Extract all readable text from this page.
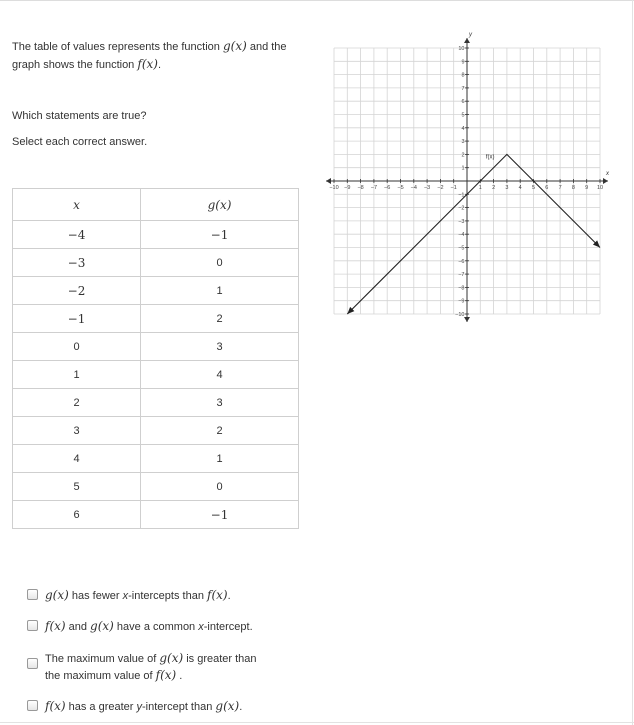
The table of values represents the function g(x) and the

graph shows the function f(x).

Which statements are true?
Select each correct answer.
x	g(x)
−4	−1
−3	0
−2	1
−1	2
0	3
1	4
2	3
3	2
4	1
5	0
6	−1
−10 −9 −8 −7 −6 −5 −4 −3 −2 −1	1 2 3 4 5 6 7 8 9 10
10
9
8
7
6
5
4
3
2
1
−1
−2
−3
−4
−5
−6
−7
−8
−9
−10
x
y
f(x)
g(x) has fewer x-intercepts than f(x).
f(x) and g(x) have a common x-intercept.
The maximum value of g(x) is greater than
the maximum value of f(x) .
f(x) has a greater y-intercept than g(x).
